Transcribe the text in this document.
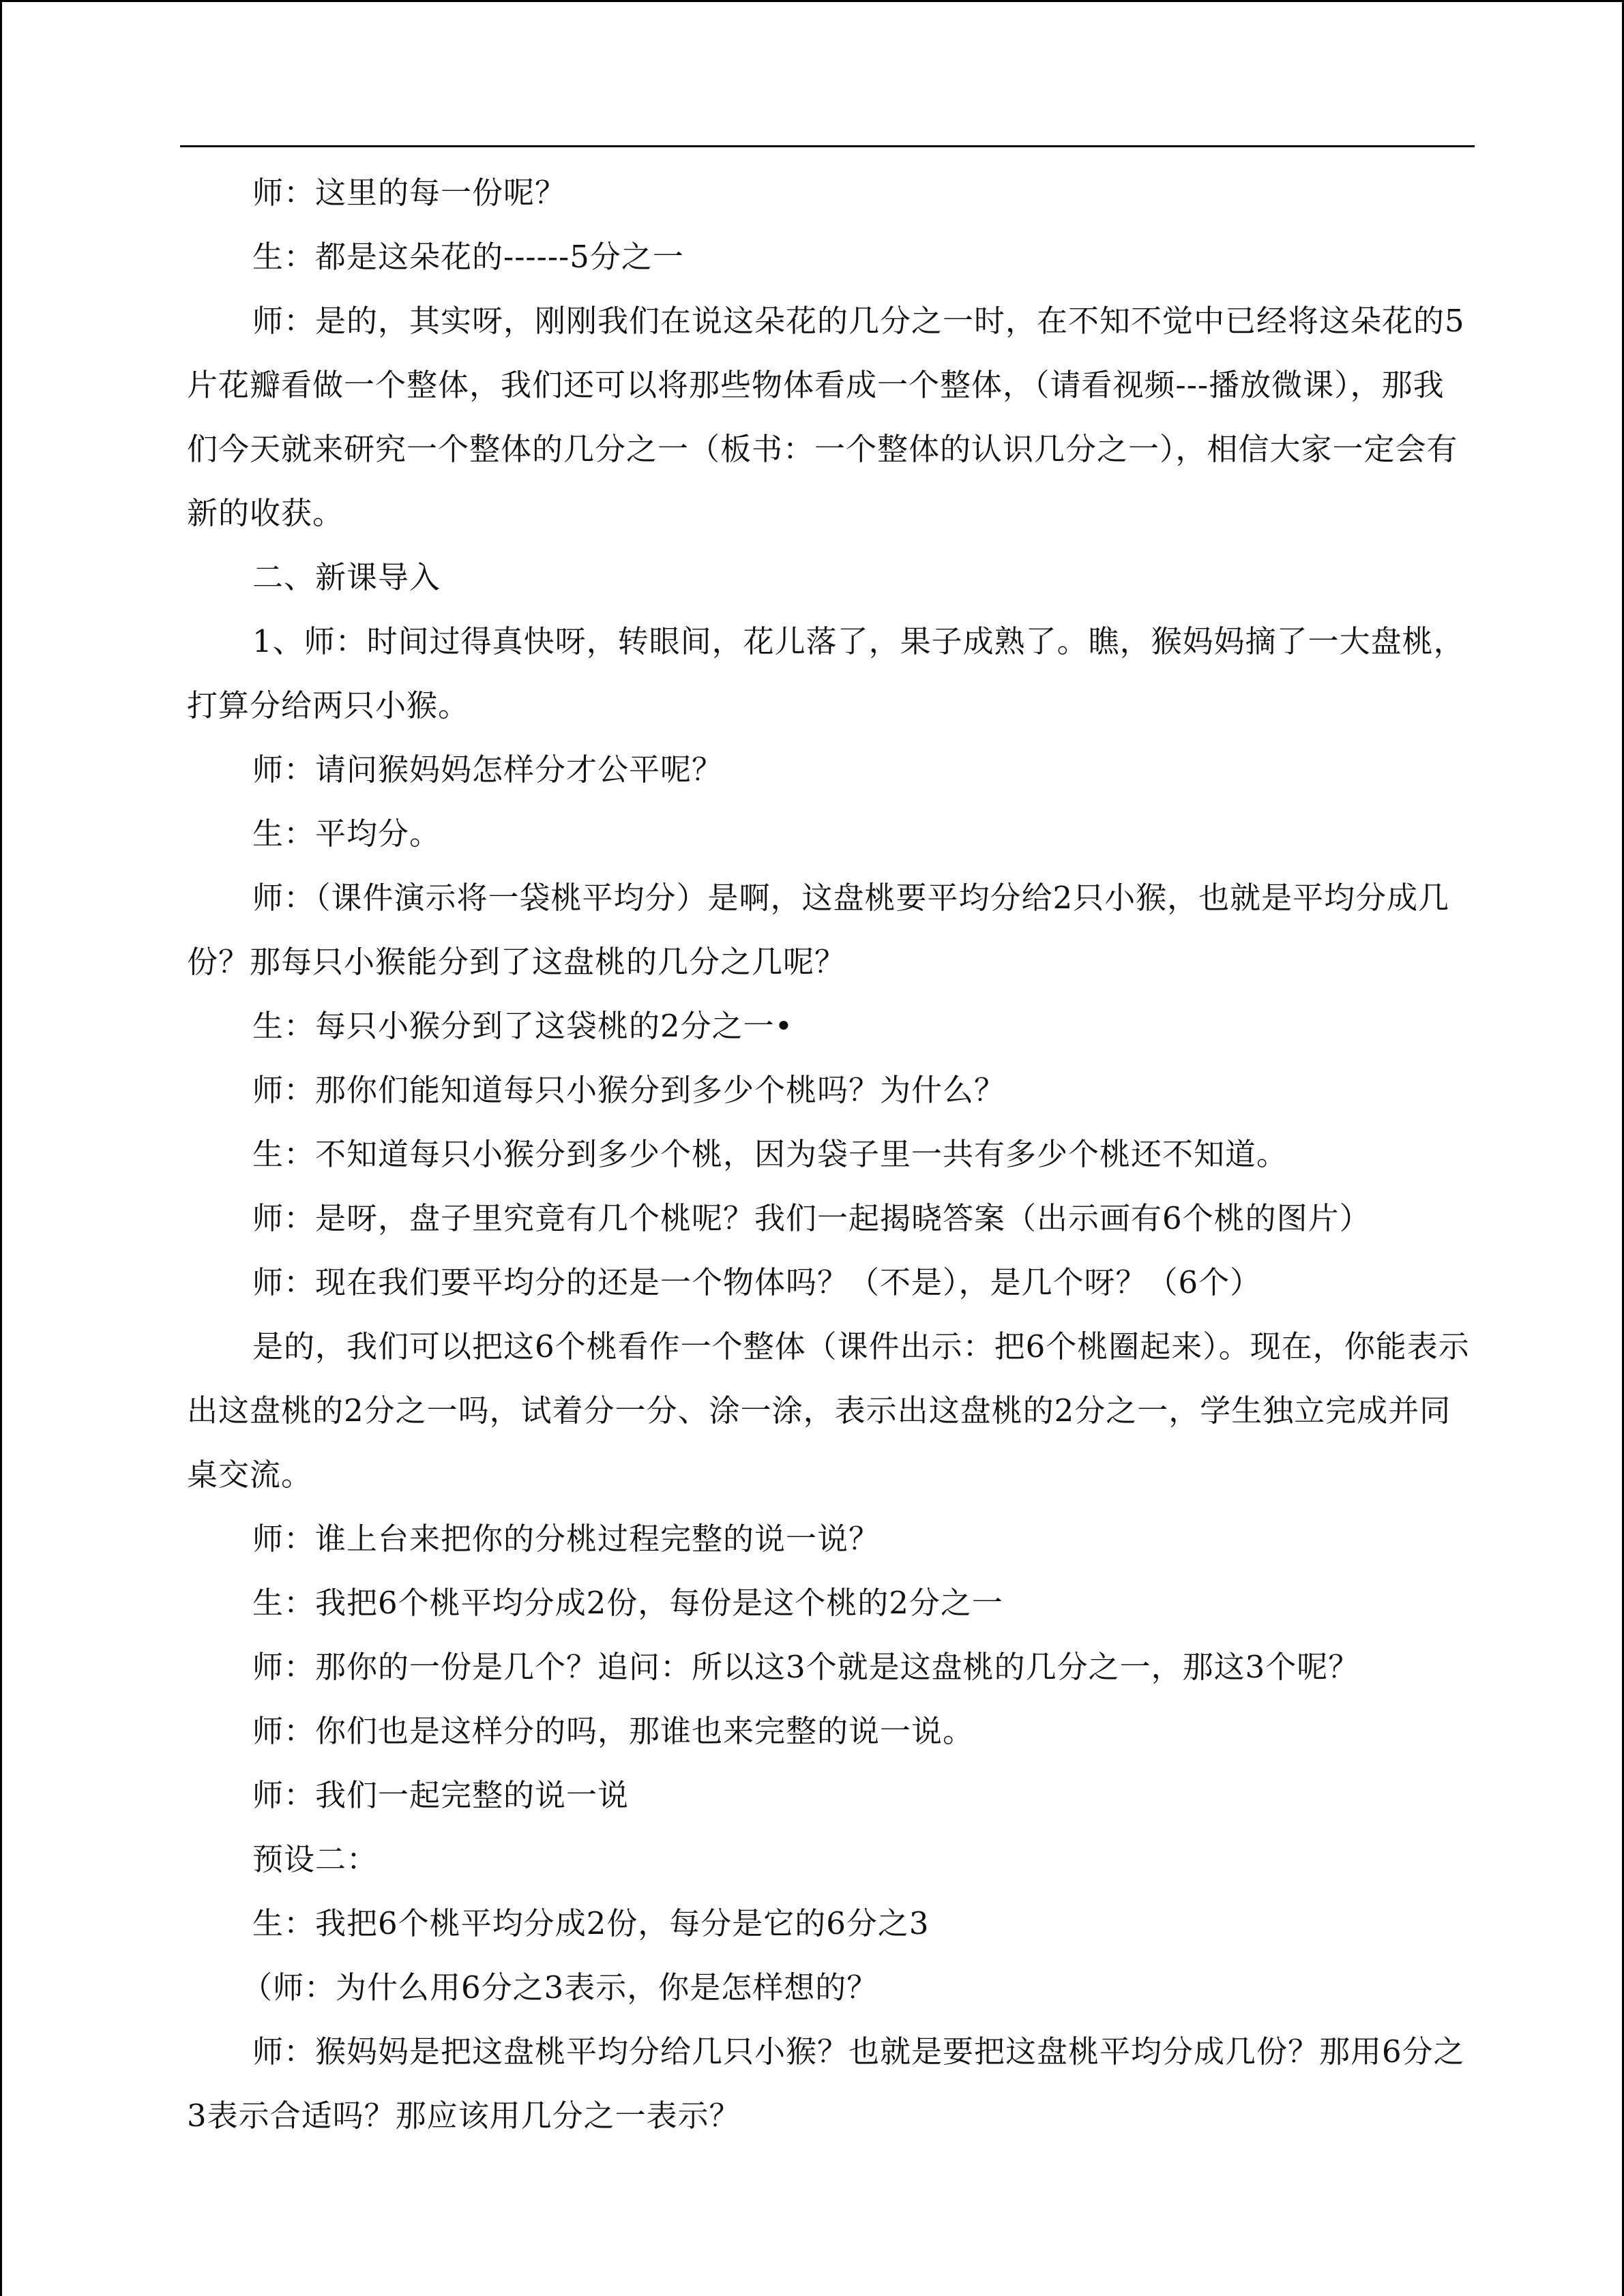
师：这里的每一份呢？

生：都是这朵花的------5分之一

师：是的，其实呀，刚刚我们在说这朵花的几分之一时，在不知不觉中已经将这朵花的5片花瓣看做一个整体，我们还可以将那些物体看成一个整体，（请看视频---播放微课），那我们今天就来研究一个整体的几分之一（板书：一个整体的认识几分之一），相信大家一定会有新的收获。

二、新课导入

1、师：时间过得真快呀，转眼间，花儿落了，果子成熟了。瞧，猴妈妈摘了一大盘桃，打算分给两只小猴。

师：请问猴妈妈怎样分才公平呢？

生：平均分。

师：（课件演示将一袋桃平均分）是啊，这盘桃要平均分给2只小猴，也就是平均分成几份？那每只小猴能分到了这盘桃的几分之几呢？

生：每只小猴分到了这袋桃的2分之一•

师：那你们能知道每只小猴分到多少个桃吗？为什么？

生：不知道每只小猴分到多少个桃，因为袋子里一共有多少个桃还不知道。

师：是呀，盘子里究竟有几个桃呢？我们一起揭晓答案（出示画有6个桃的图片）

师：现在我们要平均分的还是一个物体吗？（不是），是几个呀？（6个）

是的，我们可以把这6个桃看作一个整体（课件出示：把6个桃圈起来）。现在，你能表示出这盘桃的2分之一吗，试着分一分、涂一涂，表示出这盘桃的2分之一，学生独立完成并同桌交流。

师：谁上台来把你的分桃过程完整的说一说？

生：我把6个桃平均分成2份，每份是这个桃的2分之一

师：那你的一份是几个？追问：所以这3个就是这盘桃的几分之一，那这3个呢？

师：你们也是这样分的吗，那谁也来完整的说一说。

师：我们一起完整的说一说

预设二：

生：我把6个桃平均分成2份，每分是它的6分之3

（师：为什么用6分之3表示，你是怎样想的？

师：猴妈妈是把这盘桃平均分给几只小猴？也就是要把这盘桃平均分成几份？那用6分之3表示合适吗？那应该用几分之一表示？
